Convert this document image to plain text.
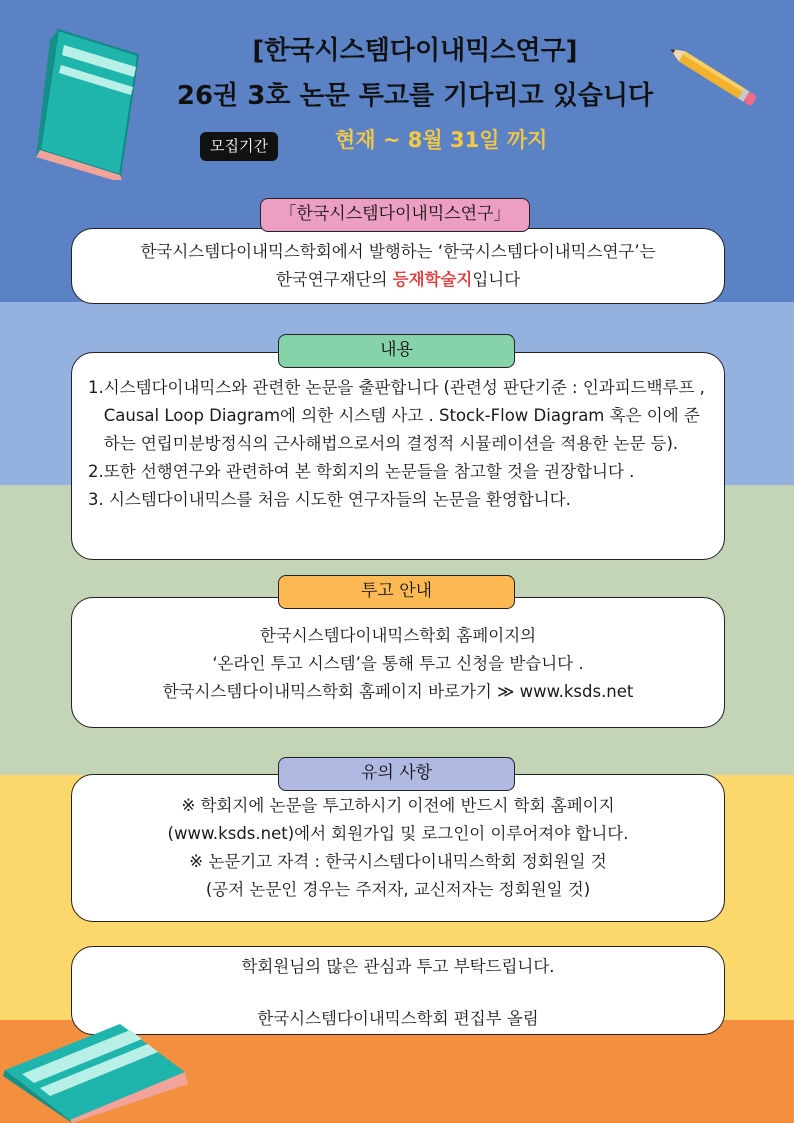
[한국시스템다이내믹스연구]
26권 3호 논문 투고를 기다리고 있습니다
모집기간	현재 ~ 8월 31일 까지
한국시스템다이내믹스학회에서 발행하는 ‘한국시스템다이내믹스연구’는
한국연구재단의 등재학술지입니다
「한국시스템다이내믹스연구」
1. 시스템다이내믹스와 관련한 논문을 출판합니다 (관련성 판단기준 : 인과피드백루프 , Causal Loop Diagram에 의한 시스템 사고 . Stock-Flow Diagram 혹은 이에 준하는 연립미분방정식의 근사해법으로서의 결정적 시뮬레이션을 적용한 논문 등).
2. 또한 선행연구와 관련하여 본 학회지의 논문들을 참고할 것을 권장합니다 .
3. 시스템다이내믹스를 처음 시도한 연구자들의 논문을 환영합니다.
내용
한국시스템다이내믹스학회 홈페이지의
‘온라인 투고 시스템’을 통해 투고 신청을 받습니다 .
한국시스템다이내믹스학회 홈페이지 바로가기 ≫ www.ksds.net
투고 안내
※ 학회지에 논문을 투고하시기 이전에 반드시 학회 홈페이지
(www.ksds.net)에서 회원가입 및 로그인이 이루어져야 합니다.
※ 논문기고 자격 : 한국시스템다이내믹스학회 정회원일 것
(공저 논문인 경우는 주저자, 교신저자는 정회원일 것)
유의 사항
학회원님의 많은 관심과 투고 부탁드립니다.
한국시스템다이내믹스학회 편집부 올림
